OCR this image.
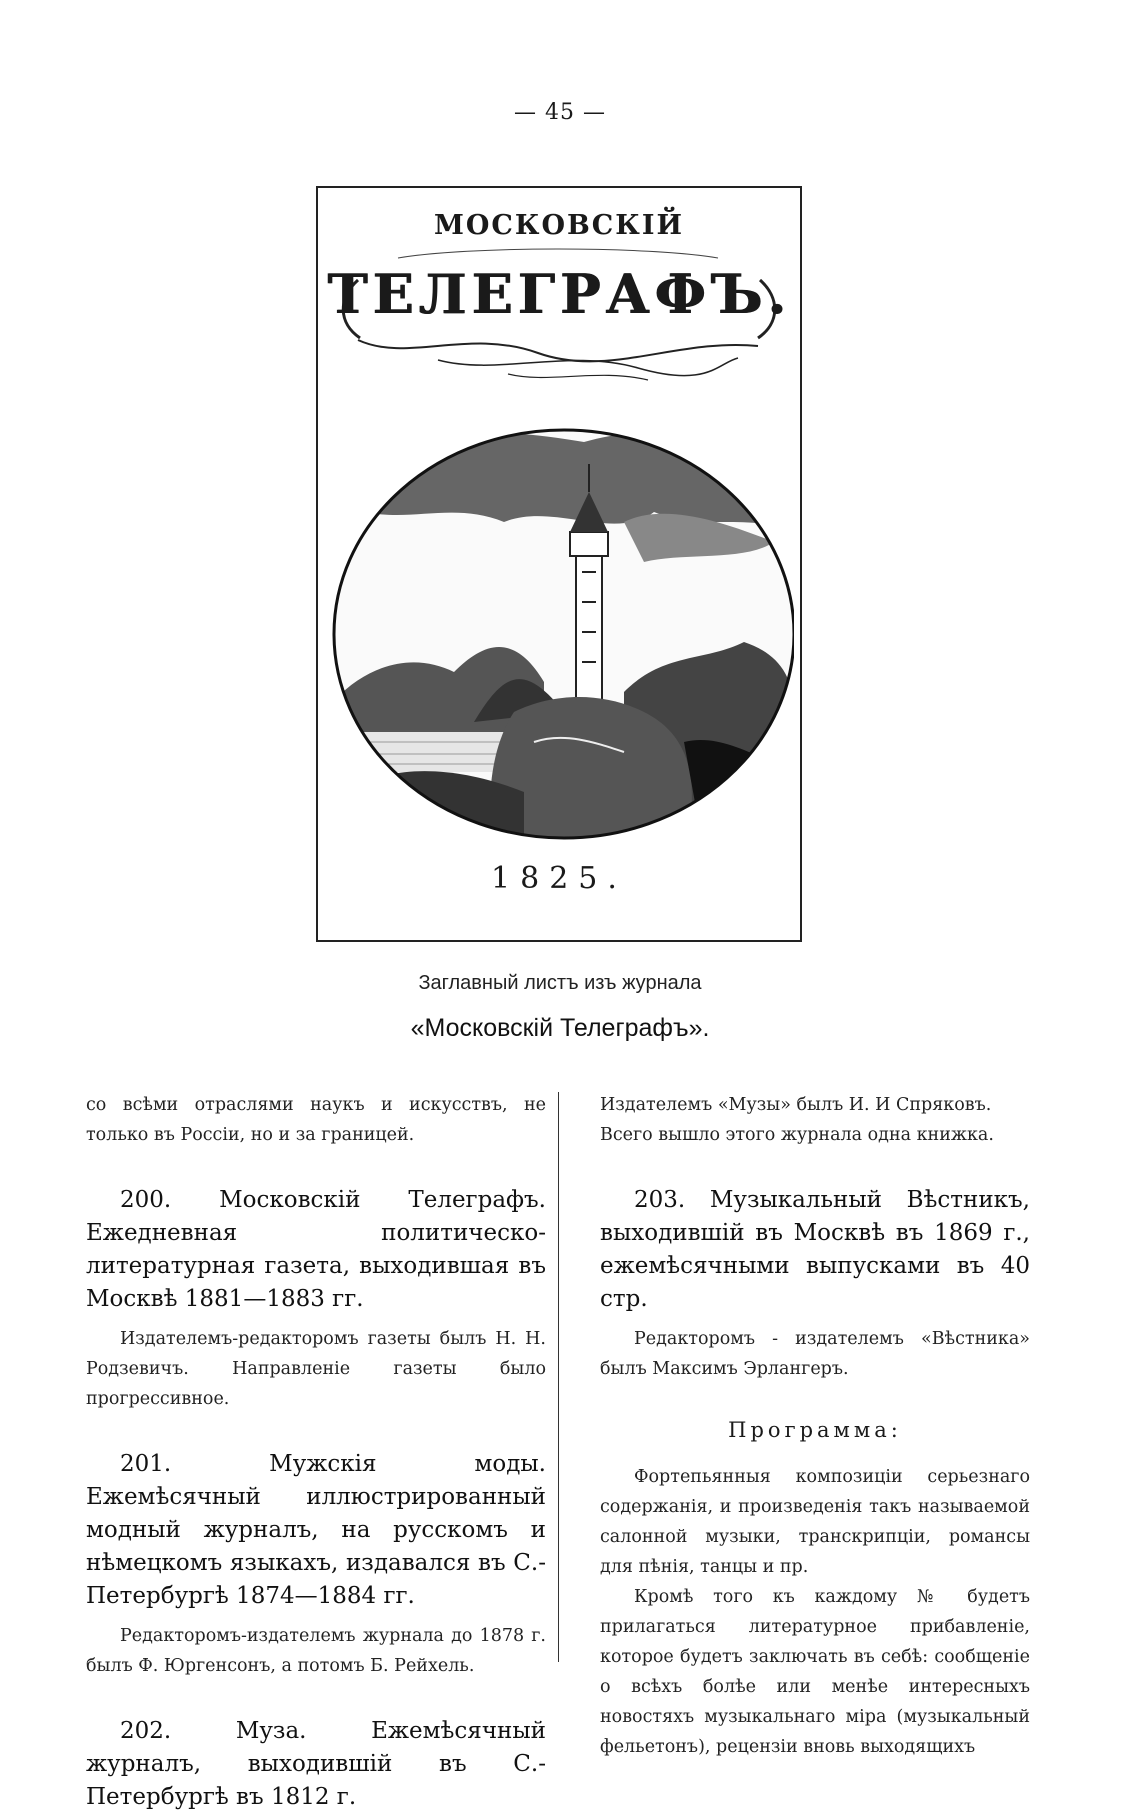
— 45 —
МОСКОВСКІЙ
ТЕЛЕГРАФЪ.
1825.
Заглавный листъ изъ журнала
«Московскій Телеграфъ».

со всѣми отраслями наукъ и искусствъ, не только въ Россіи, но и за границей.

200. Московскій Телеграфъ. Ежедневная политическо-литературная газета, выходившая въ Москвѣ 1881—1883 гг.

Издателемъ-редакторомъ газеты былъ Н. Н. Родзевичъ. Направленіе газеты было прогрессивное.

201. Мужскія моды. Ежемѣсячный иллюстрированный модный журналъ, на русскомъ и нѣмецкомъ языкахъ, издавался въ С.-Петербургѣ 1874—1884 гг.

Редакторомъ-издателемъ журнала до 1878 г. былъ Ф. Юргенсонъ, а потомъ Б. Рейхель.

202. Муза. Ежемѣсячный журналъ, выходившій въ С.-Петербургѣ въ 1812 г.

Издателемъ «Музы» былъ И. И Спряковъ.

Всего вышло этого журнала одна книжка.

203. Музыкальный Вѣстникъ, выходившій въ Москвѣ въ 1869 г., ежемѣсячными выпусками въ 40 стр.

Редакторомъ - издателемъ «Вѣстника» былъ Максимъ Эрлангеръ.

Программа:

Фортепьянныя композиціи серьезнаго содержанія, и произведенія такъ называемой салонной музыки, транскрипціи, романсы для пѣнія, танцы и пр.

Кромѣ того къ каждому № будетъ прилагаться литературное прибавленіе, которое будетъ заключать въ себѣ: сообщеніе о всѣхъ болѣе или менѣе интересныхъ новостяхъ музыкальнаго міра (музыкальный фельетонъ), рецензіи вновь выходящихъ
